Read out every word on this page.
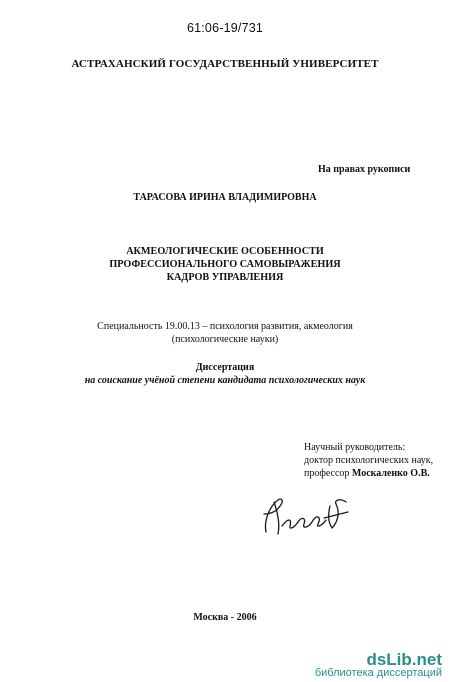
61:06-19/731
АСТРАХАНСКИЙ ГОСУДАРСТВЕННЫЙ УНИВЕРСИТЕТ
На правах рукописи
ТАРАСОВА ИРИНА ВЛАДИМИРОВНА
АКМЕОЛОГИЧЕСКИЕ ОСОБЕННОСТИ
ПРОФЕССИОНАЛЬНОГО САМОВЫРАЖЕНИЯ
КАДРОВ УПРАВЛЕНИЯ
Специальность 19.00.13 – психология развития, акмеология
(психологические науки)
Диссертация
на соискание учёной степени кандидата психологических наук
Научный руководитель:
доктор психологических наук,
профессор Москаленко О.В.
Москва - 2006
dsLib.net
библиотека диссертаций
